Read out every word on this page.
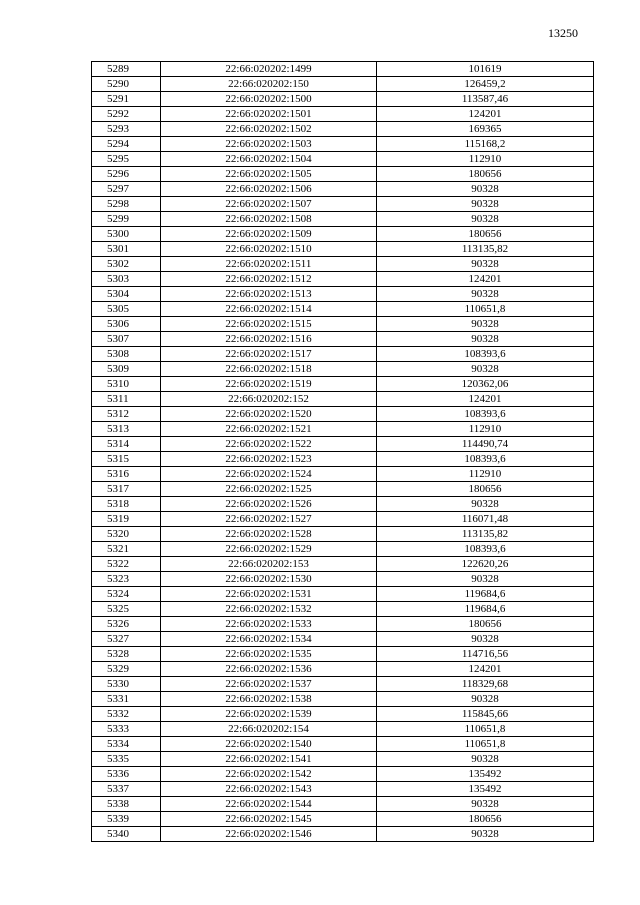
13250
5289	22:66:020202:1499	101619
5290	22:66:020202:150	126459,2
5291	22:66:020202:1500	113587,46
5292	22:66:020202:1501	124201
5293	22:66:020202:1502	169365
5294	22:66:020202:1503	115168,2
5295	22:66:020202:1504	112910
5296	22:66:020202:1505	180656
5297	22:66:020202:1506	90328
5298	22:66:020202:1507	90328
5299	22:66:020202:1508	90328
5300	22:66:020202:1509	180656
5301	22:66:020202:1510	113135,82
5302	22:66:020202:1511	90328
5303	22:66:020202:1512	124201
5304	22:66:020202:1513	90328
5305	22:66:020202:1514	110651,8
5306	22:66:020202:1515	90328
5307	22:66:020202:1516	90328
5308	22:66:020202:1517	108393,6
5309	22:66:020202:1518	90328
5310	22:66:020202:1519	120362,06
5311	22:66:020202:152	124201
5312	22:66:020202:1520	108393,6
5313	22:66:020202:1521	112910
5314	22:66:020202:1522	114490,74
5315	22:66:020202:1523	108393,6
5316	22:66:020202:1524	112910
5317	22:66:020202:1525	180656
5318	22:66:020202:1526	90328
5319	22:66:020202:1527	116071,48
5320	22:66:020202:1528	113135,82
5321	22:66:020202:1529	108393,6
5322	22:66:020202:153	122620,26
5323	22:66:020202:1530	90328
5324	22:66:020202:1531	119684,6
5325	22:66:020202:1532	119684,6
5326	22:66:020202:1533	180656
5327	22:66:020202:1534	90328
5328	22:66:020202:1535	114716,56
5329	22:66:020202:1536	124201
5330	22:66:020202:1537	118329,68
5331	22:66:020202:1538	90328
5332	22:66:020202:1539	115845,66
5333	22:66:020202:154	110651,8
5334	22:66:020202:1540	110651,8
5335	22:66:020202:1541	90328
5336	22:66:020202:1542	135492
5337	22:66:020202:1543	135492
5338	22:66:020202:1544	90328
5339	22:66:020202:1545	180656
5340	22:66:020202:1546	90328
